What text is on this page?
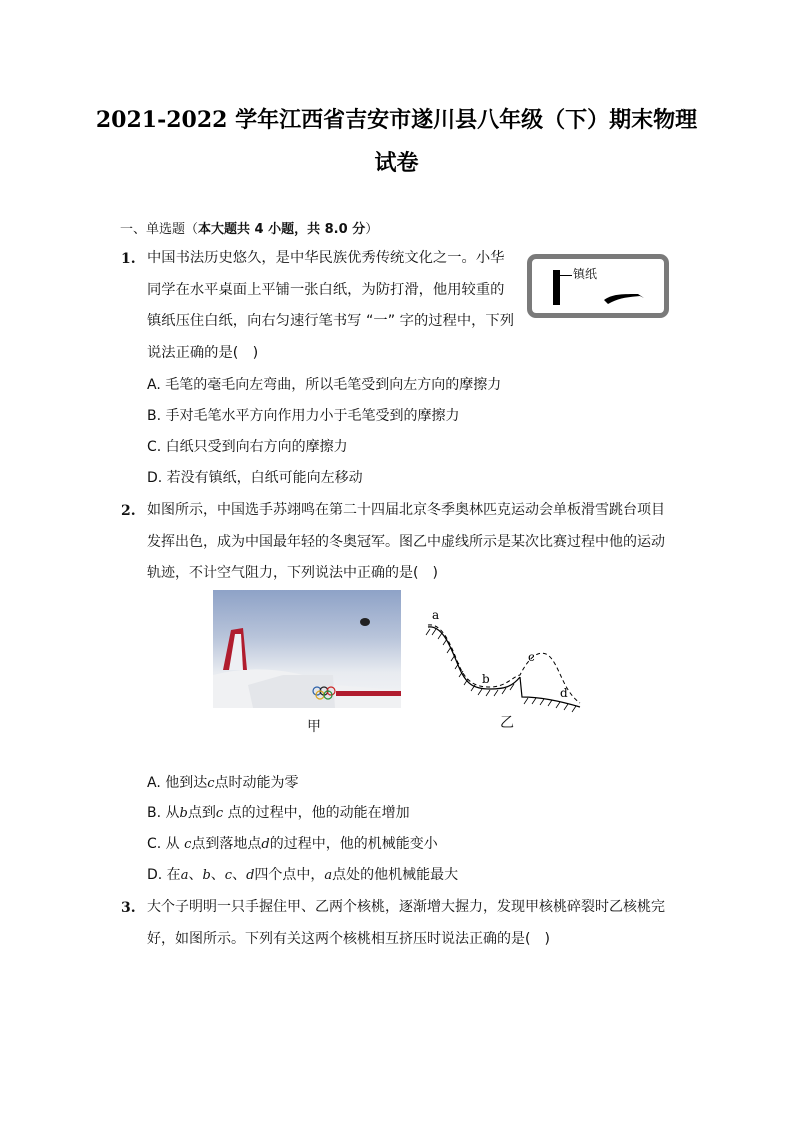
2021-2022 学年江西省吉安市遂川县八年级（下）期末物理
试卷
一、单选题（本大题共 4 小题，共 8.0 分）
1. 中国书法历史悠久，是中华民族优秀传统文化之一。小华
同学在水平桌面上平铺一张白纸，为防打滑，他用较重的
镇纸压住白纸，向右匀速行笔书写 “一” 字的过程中，下列
说法正确的是(　)
镇纸
A. 毛笔的毫毛向左弯曲，所以毛笔受到向左方向的摩擦力
B. 手对毛笔水平方向作用力小于毛笔受到的摩擦力
C. 白纸只受到向右方向的摩擦力
D. 若没有镇纸，白纸可能向左移动
2. 如图所示，中国选手苏翊鸣在第二十四届北京冬季奥林匹克运动会单板滑雪跳台项目
发挥出色，成为中国最年轻的冬奥冠军。图乙中虚线所示是某次比赛过程中他的运动
轨迹，不计空气阻力，下列说法中正确的是(　)
甲
a
b
c
d
乙
A. 他到达c点时动能为零
B. 从b点到c 点的过程中，他的动能在增加
C. 从 c点到落地点d的过程中，他的机械能变小
D. 在a、b、c、d四个点中，a点处的他机械能最大
3. 大个子明明一只手握住甲、乙两个核桃，逐渐增大握力，发现甲核桃碎裂时乙核桃完
好，如图所示。下列有关这两个核桃相互挤压时说法正确的是(　)
